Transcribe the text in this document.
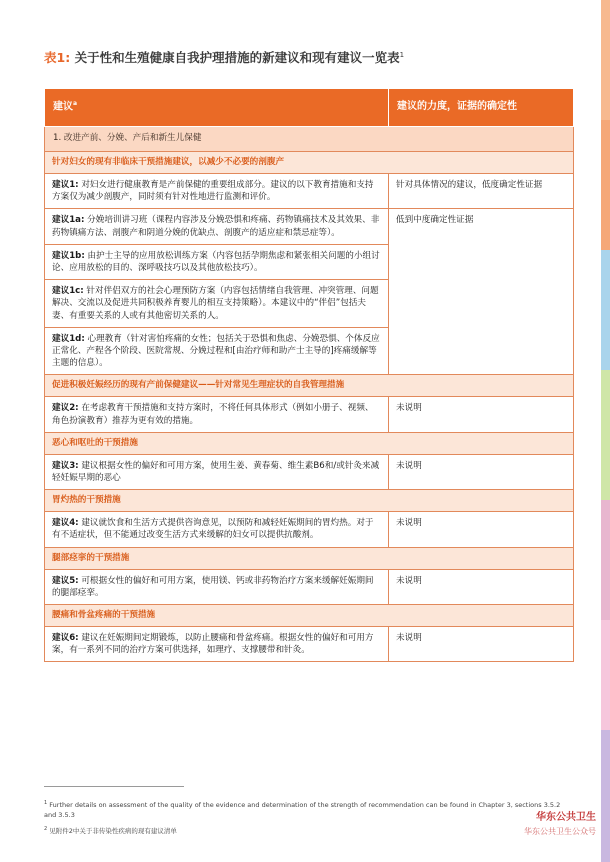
表1: 关于性和生殖健康自我护理措施的新建议和现有建议一览表$^1$
建议$^a$	建议的力度，证据的确定性
1. 改进产前、分娩、产后和新生儿保健	
针对妇女的现有非临床干预措施建议，以减少不必要的剖腹产	
建议1: 对妇女进行健康教育是产前保健的重要组成部分。建议的以下教育措施和支持方案仅为减少剖腹产，同时须有针对性地进行监测和评价。	针对具体情况的建议，低度确定性证据
建议1a: 分娩培训讲习班（课程内容涉及分娩恐惧和疼痛、药物镇痛技术及其效果、非药物镇痛方法、剖腹产和阴道分娩的优缺点、剖腹产的适应症和禁忌症等）。	低到中度确定性证据
建议1b: 由护士主导的应用放松训练方案（内容包括孕期焦虑和紧张相关问题的小组讨论、应用放松的目的、深呼吸技巧以及其他放松技巧）。	
建议1c: 针对伴侣双方的社会心理预防方案（内容包括情绪自我管理、冲突管理、问题解决、交流以及促进共同积极养育婴儿的相互支持策略）。本建议中的“伴侣”包括夫妻、有重要关系的人或有其他密切关系的人。	
建议1d: 心理教育（针对害怕疼痛的女性；包括关于恐惧和焦虑、分娩恐惧、个体反应正常化、产程各个阶段、医院常规、分娩过程和[由治疗师和助产士主导的]疼痛缓解等主题的信息）。	
促进积极妊娠经历的现有产前保健建议——针对常见生理症状的自我管理措施	
建议2: 在考虑教育干预措施和支持方案时，不将任何具体形式（例如小册子、视频、角色扮演教育）推荐为更有效的措施。	未说明
恶心和呕吐的干预措施	
建议3: 建议根据女性的偏好和可用方案，使用生姜、黄春菊、维生素B6和/或针灸来减轻妊娠早期的恶心	未说明
胃灼热的干预措施	
建议4: 建议就饮食和生活方式提供咨询意见，以预防和减轻妊娠期间的胃灼热。对于有不适症状，但不能通过改变生活方式来缓解的妇女可以提供抗酸剂。	未说明
腿部痉挛的干预措施	
建议5: 可根据女性的偏好和可用方案，使用镁、钙或非药物治疗方案来缓解妊娠期间的腿部痉挛。	未说明
腰痛和骨盆疼痛的干预措施	
建议6: 建议在妊娠期间定期锻炼，以防止腰痛和骨盆疼痛。根据女性的偏好和可用方案，有一系列不同的治疗方案可供选择，如理疗、支撑腰带和针灸。	未说明
$^1$ Further details on assessment of the quality of the evidence and determination of the strength of recommendation can be found in Chapter 3, sections 3.5.2 and 3.5.3
$^2$ 见附件2中关于非传染性疾病的现有建议清单
华东公共卫生
华东公共卫生公众号
